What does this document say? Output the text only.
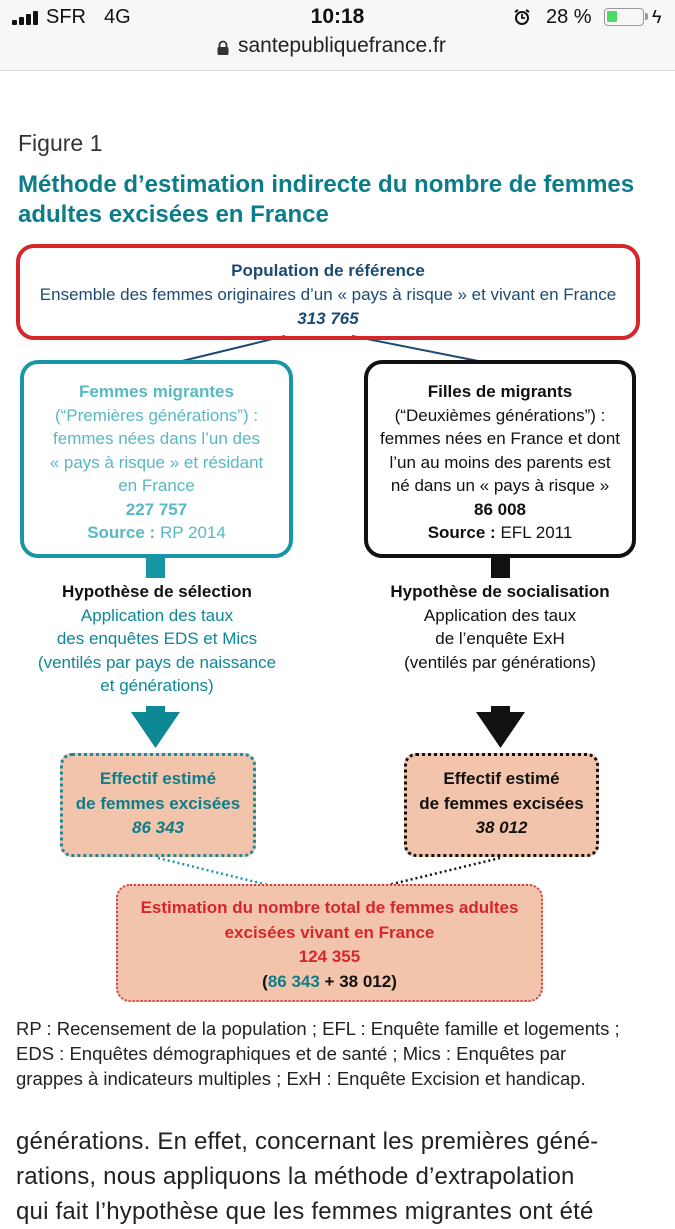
SFR 4G	10:18	28 %	ϟ
santepubliquefrance.fr
Figure 1
Méthode d’estimation indirecte du nombre de femmes adultes excisées en France
Population de référence
Ensemble des femmes originaires d’un « pays à risque » et vivant en France
313 765
Femmes migrantes
(“Premières générations”) :
femmes nées dans l’un des
« pays à risque » et résidant
en France
227 757
Source : RP 2014
Filles de migrants
(“Deuxièmes générations”) :
femmes nées en France et dont
l’un au moins des parents est
né dans un « pays à risque »
86 008
Source : EFL 2011
Hypothèse de sélection
Application des taux
des enquêtes EDS et Mics
(ventilés par pays de naissance
et générations)
Hypothèse de socialisation
Application des taux
de l’enquête ExH
(ventilés par générations)
Effectif estimé
de femmes excisées
86 343
Effectif estimé
de femmes excisées
38 012
Estimation du nombre total de femmes adultes
excisées vivant en France
124 355
(86 343 + 38 012)
RP : Recensement de la population ; EFL : Enquête famille et logements ;
EDS : Enquêtes démographiques et de santé ; Mics : Enquêtes par
grappes à indicateurs multiples ; ExH : Enquête Excision et handicap.
générations. En effet, concernant les premières géné-
rations, nous appliquons la méthode d’extrapolation
qui fait l’hypothèse que les femmes migrantes ont été
